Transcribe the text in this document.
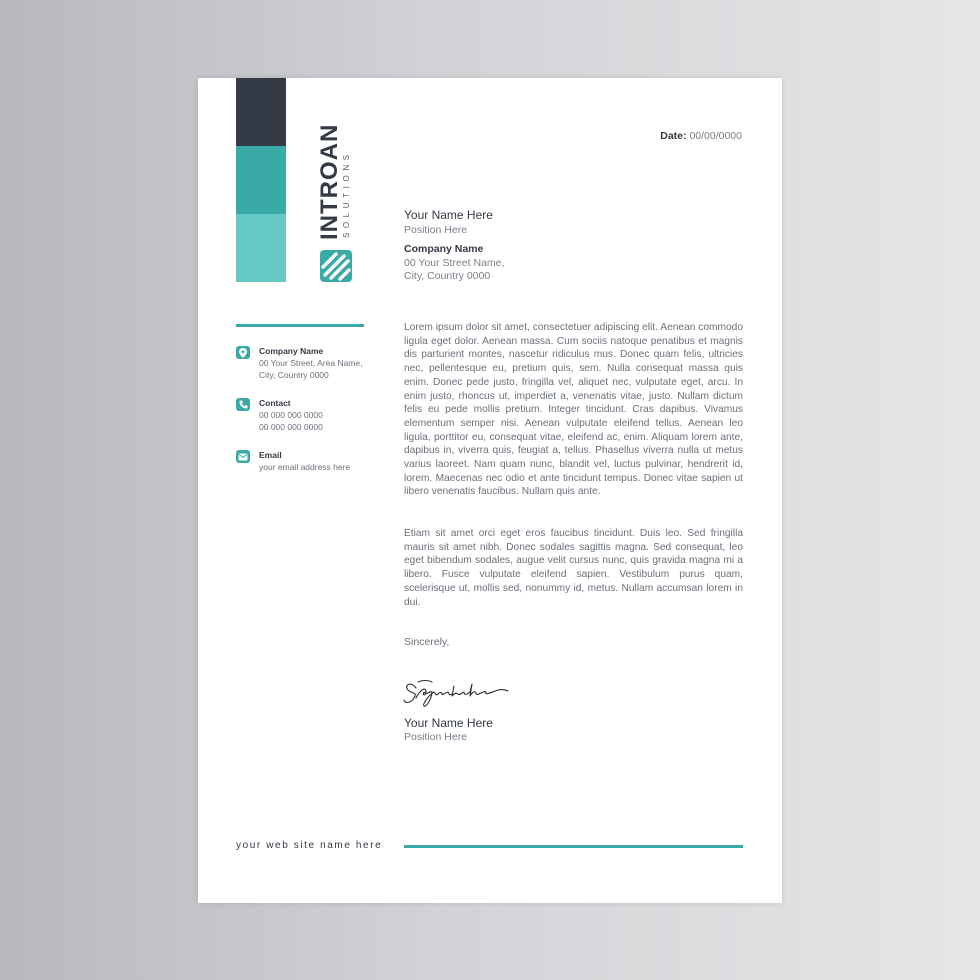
INTROAN SOLUTIONS
Date: 00/00/0000
Your Name Here
Position Here
Company Name
00 Your Street Name,
City, Country 0000
Company Name
00 Your Street, Area Name,
City, Country 0000
Contact
00 000 000 0000
00 000 000 0000
Email
your email address here

Lorem ipsum dolor sit amet, consectetuer adipiscing elit. Aenean commodo ligula eget dolor. Aenean massa. Cum sociis natoque penatibus et magnis dis parturient montes, nascetur ridiculus mus. Donec quam felis, ultricies nec, pellentesque eu, pretium quis, sem. Nulla consequat massa quis enim. Donec pede justo, fringilla vel, aliquet nec, vulputate eget, arcu. In enim justo, rhoncus ut, imperdiet a, venenatis vitae, justo. Nullam dictum felis eu pede mollis pretium. Integer tincidunt. Cras dapibus. Vivamus elementum semper nisi. Aenean vulputate eleifend tellus. Aenean leo ligula, porttitor eu, consequat vitae, eleifend ac, enim. Aliquam lorem ante, dapibus in, viverra quis, feugiat a, tellus. Phasellus viverra nulla ut metus varius laoreet. Nam quam nunc, blandit vel, luctus pulvinar, hendrerit id, lorem. Maecenas nec odio et ante tincidunt tempus. Donec vitae sapien ut libero venenatis faucibus. Nullam quis ante.

Etiam sit amet orci eget eros faucibus tincidunt. Duis leo. Sed fringilla mauris sit amet nibh. Donec sodales sagittis magna. Sed consequat, leo eget bibendum sodales, augue velit cursus nunc, quis gravida magna mi a libero. Fusce vulputate eleifend sapien. Vestibulum purus quam, scelerisque ut, mollis sed, nonummy id, metus. Nullam accumsan lorem in dui.

Sincerely,
Your Name Here
Position Here
your web site name here
